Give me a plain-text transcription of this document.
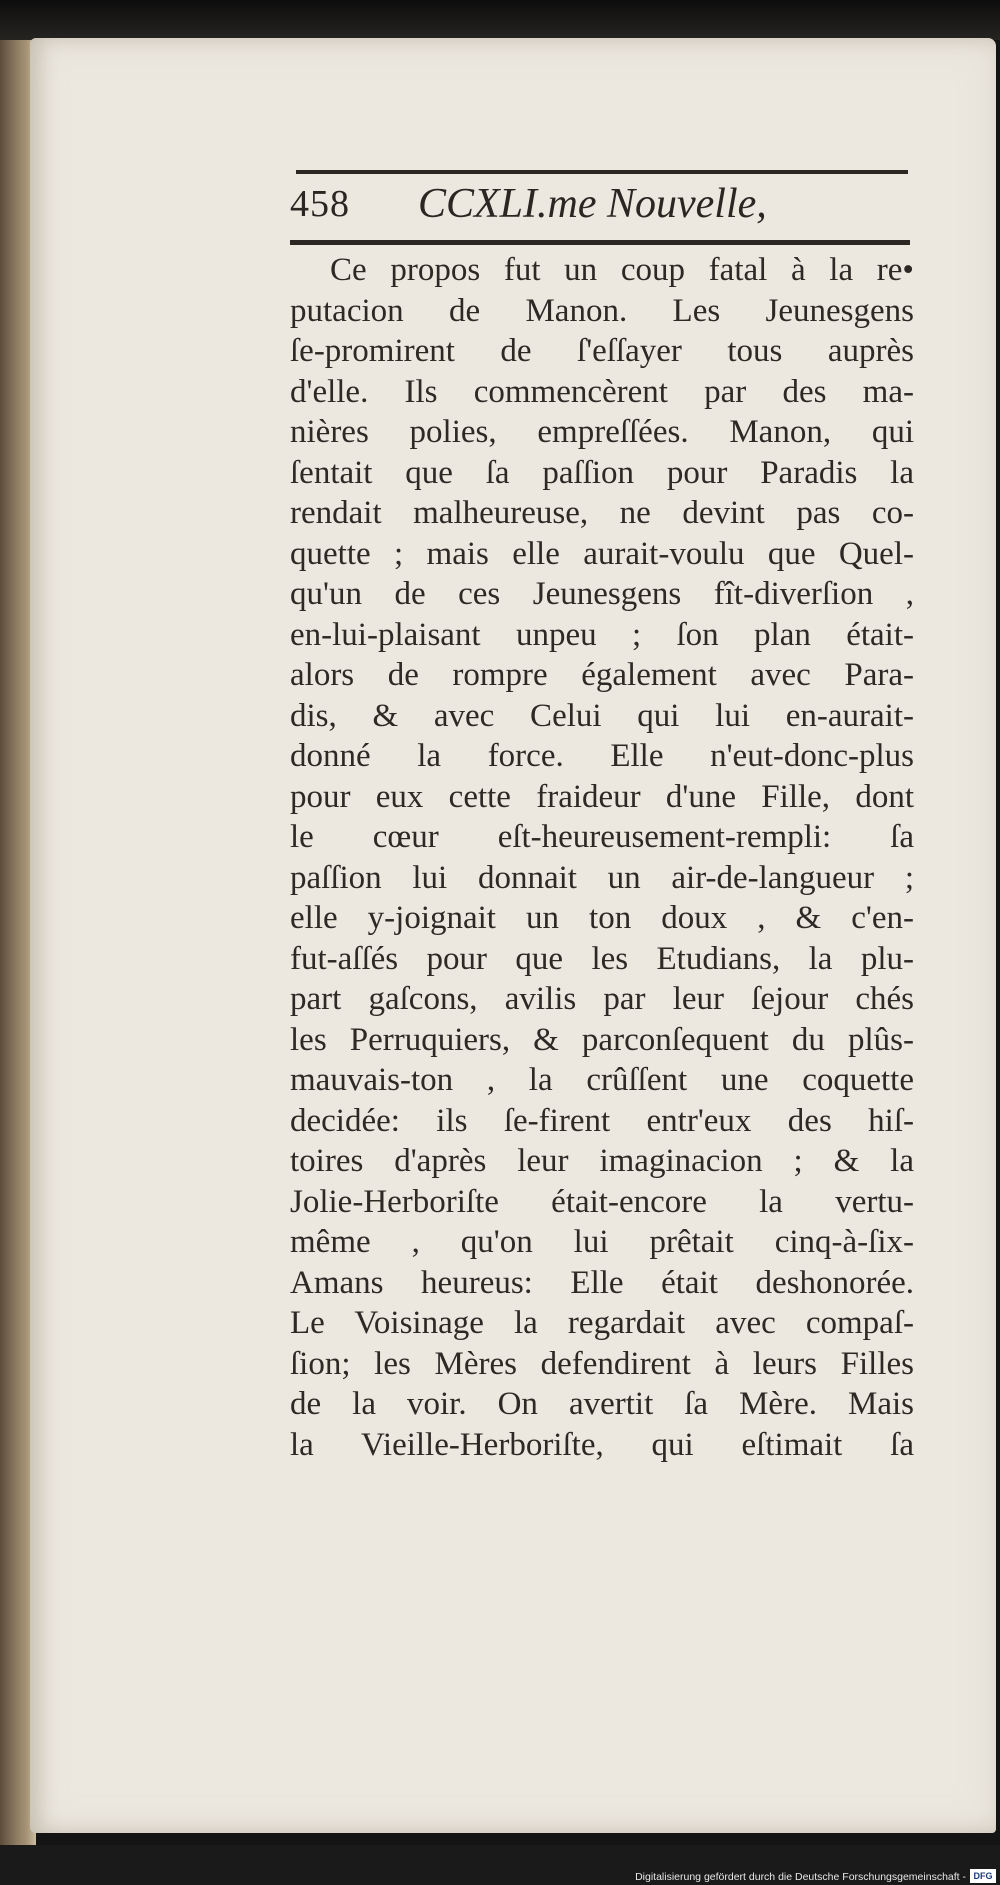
458 CCXLI.me Nouvelle,
Ce propos fut un coup fatal à la re•
putacion de Manon. Les Jeunesgens
ſe-promirent de ſ'eſſayer tous auprès
d'elle. Ils commencèrent par des ma-
nières polies, empreſſées. Manon, qui
ſentait que ſa paſſion pour Paradis la
rendait malheureuse, ne devint pas co-
quette ; mais elle aurait-voulu que Quel-
qu'un de ces Jeunesgens fît-diverſion ,
en-lui-plaisant unpeu ; ſon plan était-
alors de rompre également avec Para-
dis, & avec Celui qui lui en-aurait-
donné la force. Elle n'eut-donc-plus
pour eux cette fraideur d'une Fille, dont
le cœur eſt-heureusement-rempli: ſa
paſſion lui donnait un air-de-langueur ;
elle y-joignait un ton doux , & c'en-
fut-aſſés pour que les Etudians, la plu-
part gaſcons, avilis par leur ſejour chés
les Perruquiers, & parconſequent du plûs-
mauvais-ton , la crûſſent une coquette
decidée: ils ſe-firent entr'eux des hiſ-
toires d'après leur imaginacion ; & la
Jolie-Herboriſte était-encore la vertu-
même , qu'on lui prêtait cinq-à-ſix-
Amans heureus: Elle était deshonorée.
Le Voisinage la regardait avec compaſ-
ſion; les Mères defendirent à leurs Filles
de la voir. On avertit ſa Mère. Mais
la Vieille-Herboriſte, qui eſtimait ſa
Digitalisierung gefördert durch die Deutsche Forschungsgemeinschaft - DFG
